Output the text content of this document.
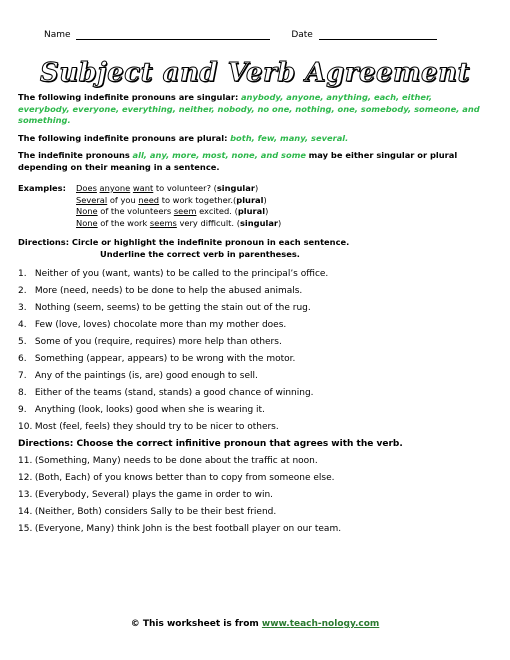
Name	Date
Subject and Verb Agreement

The following indefinite pronouns are singular: anybody, anyone, anything, each, either, everybody, everyone, everything, neither, nobody, no one, nothing, one, somebody, someone, and something.

The following indefinite pronouns are plural: both, few, many, several.

The indefinite pronouns all, any, more, most, none, and some may be either singular or plural depending on their meaning in a sentence.

Examples: Does anyone want to volunteer? (singular)
Several of you need to work together.(plural)
None of the volunteers seem excited. (plural)
None of the work seems very difficult. (singular)
Directions: Circle or highlight the indefinite pronoun in each sentence.
Underline the correct verb in parentheses.
1. Neither of you (want, wants) to be called to the principal’s office.
2. More (need, needs) to be done to help the abused animals.
3. Nothing (seem, seems) to be getting the stain out of the rug.
4. Few (love, loves) chocolate more than my mother does.
5. Some of you (require, requires) more help than others.
6. Something (appear, appears) to be wrong with the motor.
7. Any of the paintings (is, are) good enough to sell.
8. Either of the teams (stand, stands) a good chance of winning.
9. Anything (look, looks) good when she is wearing it.
10. Most (feel, feels) they should try to be nicer to others.
Directions: Choose the correct infinitive pronoun that agrees with the verb.
11. (Something, Many) needs to be done about the traffic at noon.
12. (Both, Each) of you knows better than to copy from someone else.
13. (Everybody, Several) plays the game in order to win.
14. (Neither, Both) considers Sally to be their best friend.
15. (Everyone, Many) think John is the best football player on our team.
© This worksheet is from www.teach-nology.com
